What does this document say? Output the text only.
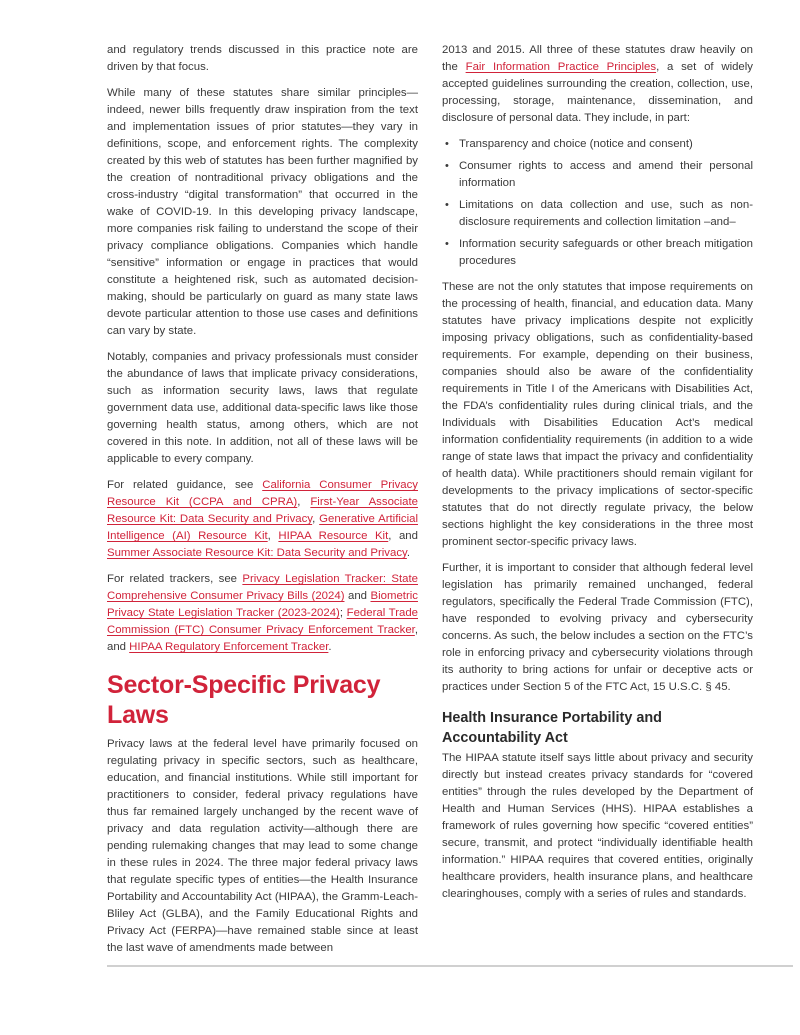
and regulatory trends discussed in this practice note are driven by that focus.

While many of these statutes share similar principles—indeed, newer bills frequently draw inspiration from the text and implementation issues of prior statutes—they vary in definitions, scope, and enforcement rights. The complexity created by this web of statutes has been further magnified by the creation of nontraditional privacy obligations and the cross-industry “digital transformation” that occurred in the wake of COVID-19. In this developing privacy landscape, more companies risk failing to understand the scope of their privacy compliance obligations. Companies which handle “sensitive” information or engage in practices that would constitute a heightened risk, such as automated decision-making, should be particularly on guard as many state laws devote particular attention to those use cases and definitions can vary by state.

Notably, companies and privacy professionals must consider the abundance of laws that implicate privacy considerations, such as information security laws, laws that regulate government data use, additional data-specific laws like those governing health status, among others, which are not covered in this note. In addition, not all of these laws will be applicable to every company.

For related guidance, see California Consumer Privacy Resource Kit (CCPA and CPRA), First-Year Associate Resource Kit: Data Security and Privacy, Generative Artificial Intelligence (AI) Resource Kit, HIPAA Resource Kit, and Summer Associate Resource Kit: Data Security and Privacy.

For related trackers, see Privacy Legislation Tracker: State Comprehensive Consumer Privacy Bills (2024) and Biometric Privacy State Legislation Tracker (2023-2024); Federal Trade Commission (FTC) Consumer Privacy Enforcement Tracker, and HIPAA Regulatory Enforcement Tracker.

Sector-Specific Privacy Laws

Privacy laws at the federal level have primarily focused on regulating privacy in specific sectors, such as healthcare, education, and financial institutions. While still important for practitioners to consider, federal privacy regulations have thus far remained largely unchanged by the recent wave of privacy and data regulation activity—although there are pending rulemaking changes that may lead to some change in these rules in 2024. The three major federal privacy laws that regulate specific types of entities—the Health Insurance Portability and Accountability Act (HIPAA), the Gramm-Leach-Bliley Act (GLBA), and the Family Educational Rights and Privacy Act (FERPA)—have remained stable since at least the last wave of amendments made between

2013 and 2015. All three of these statutes draw heavily on the Fair Information Practice Principles, a set of widely accepted guidelines surrounding the creation, collection, use, processing, storage, maintenance, dissemination, and disclosure of personal data. They include, in part:

• Transparency and choice (notice and consent)
• Consumer rights to access and amend their personal information
• Limitations on data collection and use, such as non-disclosure requirements and collection limitation –and–
• Information security safeguards or other breach mitigation procedures

These are not the only statutes that impose requirements on the processing of health, financial, and education data. Many statutes have privacy implications despite not explicitly imposing privacy obligations, such as confidentiality-based requirements. For example, depending on their business, companies should also be aware of the confidentiality requirements in Title I of the Americans with Disabilities Act, the FDA’s confidentiality rules during clinical trials, and the Individuals with Disabilities Education Act’s medical information confidentiality requirements (in addition to a wide range of state laws that impact the privacy and confidentiality of health data). While practitioners should remain vigilant for developments to the privacy implications of sector-specific statutes that do not directly regulate privacy, the below sections highlight the key considerations in the three most prominent sector-specific privacy laws.

Further, it is important to consider that although federal level legislation has primarily remained unchanged, federal regulators, specifically the Federal Trade Commission (FTC), have responded to evolving privacy and cybersecurity concerns. As such, the below includes a section on the FTC’s role in enforcing privacy and cybersecurity violations through its authority to bring actions for unfair or deceptive acts or practices under Section 5 of the FTC Act, 15 U.S.C. § 45.

Health Insurance Portability and Accountability Act

The HIPAA statute itself says little about privacy and security directly but instead creates privacy standards for “covered entities” through the rules developed by the Department of Health and Human Services (HHS). HIPAA establishes a framework of rules governing how specific “covered entities” secure, transmit, and protect “individually identifiable health information.” HIPAA requires that covered entities, originally healthcare providers, health insurance plans, and healthcare clearinghouses, comply with a series of rules and standards.
